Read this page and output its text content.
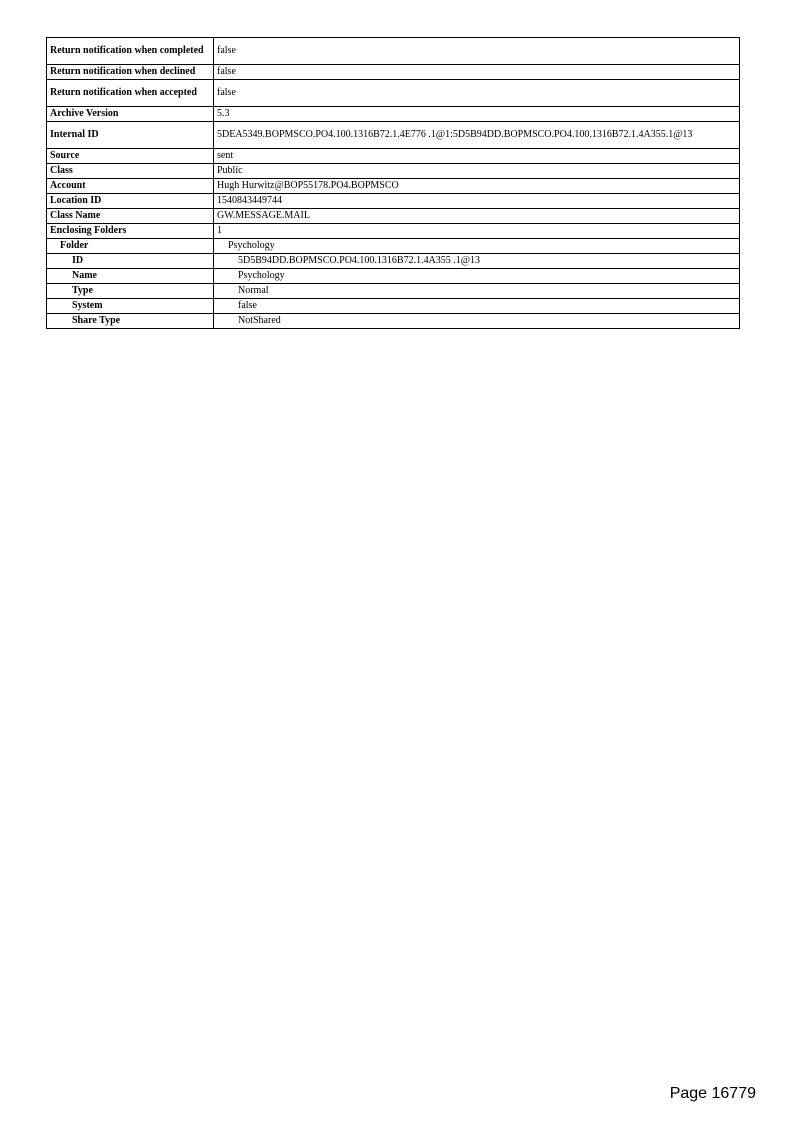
Return notification when completed	false
Return notification when declined	false
Return notification when accepted	false
Archive Version	5.3
Internal ID	5DEA5349.BOPMSCO.PO4.100.1316B72.1.4E776 .1@1:5D5B94DD.BOPMSCO.PO4.100.1316B72.1.4A355.1@13
Source	sent
Class	Public
Account	Hugh Hurwitz@BOP55178.PO4.BOPMSCO
Location ID	1540843449744
Class Name	GW.MESSAGE.MAIL
Enclosing Folders	1
Folder	Psychology
ID	5D5B94DD.BOPMSCO.PO4.100.1316B72.1.4A355 .1@13
Name	Psychology
Type	Normal
System	false
Share Type	NotShared
Page 16779
